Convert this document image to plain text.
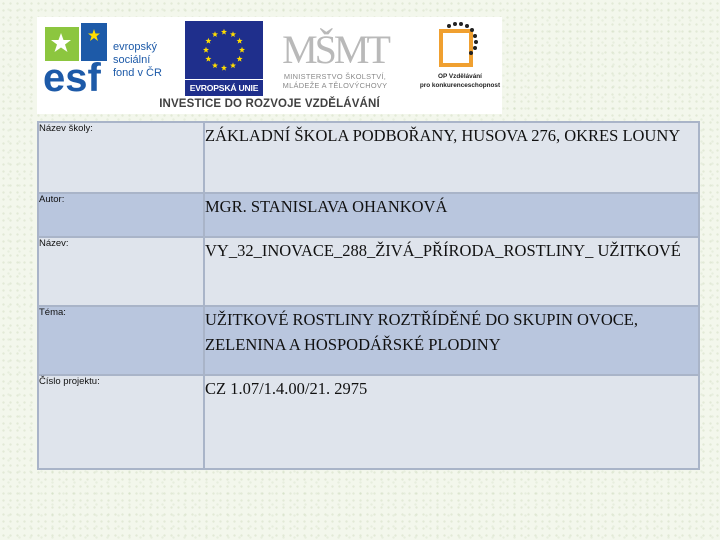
esf
evropský
sociální
fond v ČR
EVROPSKÁ UNIE
MŠMT
MINISTERSTVO ŠKOLSTVÍ,
MLÁDEŽE A TĚLOVÝCHOVY
OP Vzdělávání
pro konkurenceschopnost
INVESTICE DO ROZVOJE VZDĚLÁVÁNÍ
Název školy:	ZÁKLADNÍ ŠKOLA PODBOŘANY, HUSOVA 276, OKRES LOUNY
Autor:	MGR. STANISLAVA OHANKOVÁ
Název:	VY_32_INOVACE_288_ŽIVÁ_PŘÍRODA_ROSTLINY_ UŽITKOVÉ
Téma:	UŽITKOVÉ ROSTLINY ROZTŘÍDĚNÉ DO SKUPIN OVOCE, ZELENINA A HOSPODÁŘSKÉ PLODINY
Číslo projektu:	CZ 1.07/1.4.00/21. 2975
